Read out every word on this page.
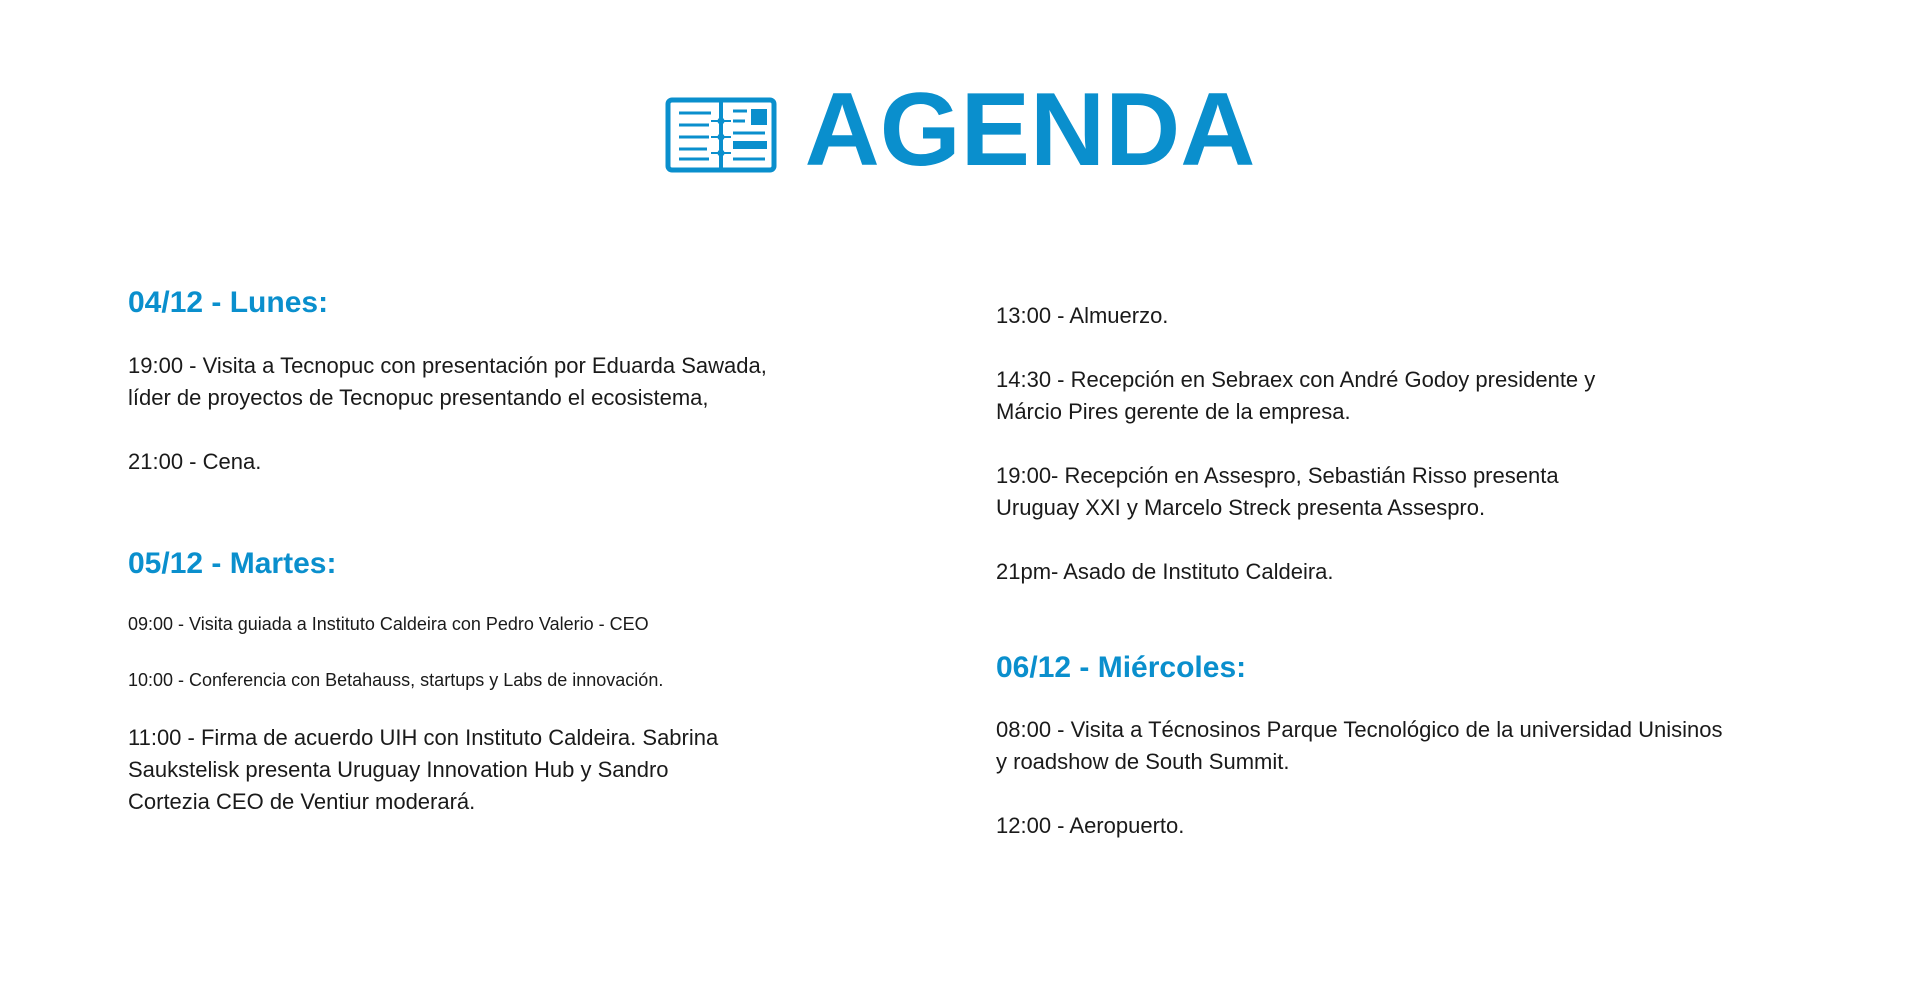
AGENDA
04/12 - Lunes:

19:00 - Visita a Tecnopuc con presentación por Eduarda Sawada,
líder de proyectos de Tecnopuc presentando el ecosistema,

21:00 - Cena.

05/12 - Martes:

09:00 - Visita guiada a Instituto Caldeira con Pedro Valerio - CEO

10:00 - Conferencia con Betahauss, startups y Labs de innovación.

11:00 - Firma de acuerdo UIH con Instituto Caldeira. Sabrina
Saukstelisk presenta Uruguay Innovation Hub y Sandro
Cortezia CEO de Ventiur moderará.

13:00 - Almuerzo.

14:30 - Recepción en Sebraex con André Godoy presidente y
Márcio Pires gerente de la empresa.

19:00- Recepción en Assespro, Sebastián Risso presenta
Uruguay XXI y Marcelo Streck presenta Assespro.

21pm- Asado de Instituto Caldeira.

06/12 - Miércoles:

08:00 - Visita a Técnosinos Parque Tecnológico de la universidad Unisinos
y roadshow de South Summit.

12:00 - Aeropuerto.
